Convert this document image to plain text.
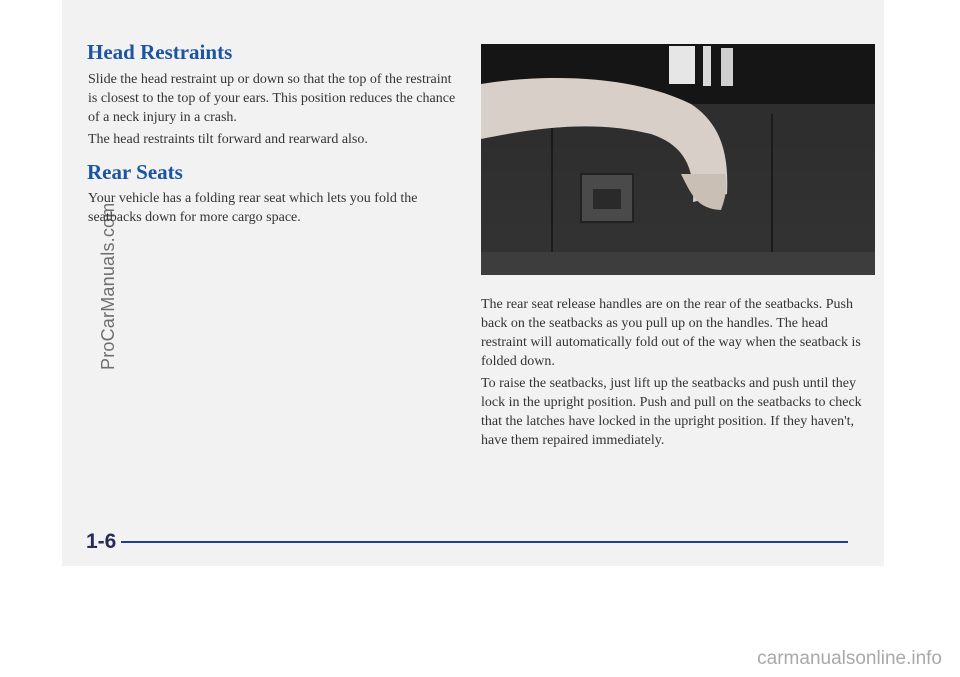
ProCarManuals.com
Head Restraints

Slide the head restraint up or down so that the top of the restraint is closest to the top of your ears. This position reduces the chance of a neck injury in a crash.

The head restraints tilt forward and rearward also.

Rear Seats

Your vehicle has a folding rear seat which lets you fold the seatbacks down for more cargo space.

The rear seat release handles are on the rear of the seatbacks. Push back on the seatbacks as you pull up on the handles. The head restraint will automatically fold out of the way when the seatback is folded down.

To raise the seatbacks, just lift up the seatbacks and push until they lock in the upright position. Push and pull on the seatbacks to check that the latches have locked in the upright position. If they haven't, have them repaired immediately.

1-6
carmanualsonline.info
